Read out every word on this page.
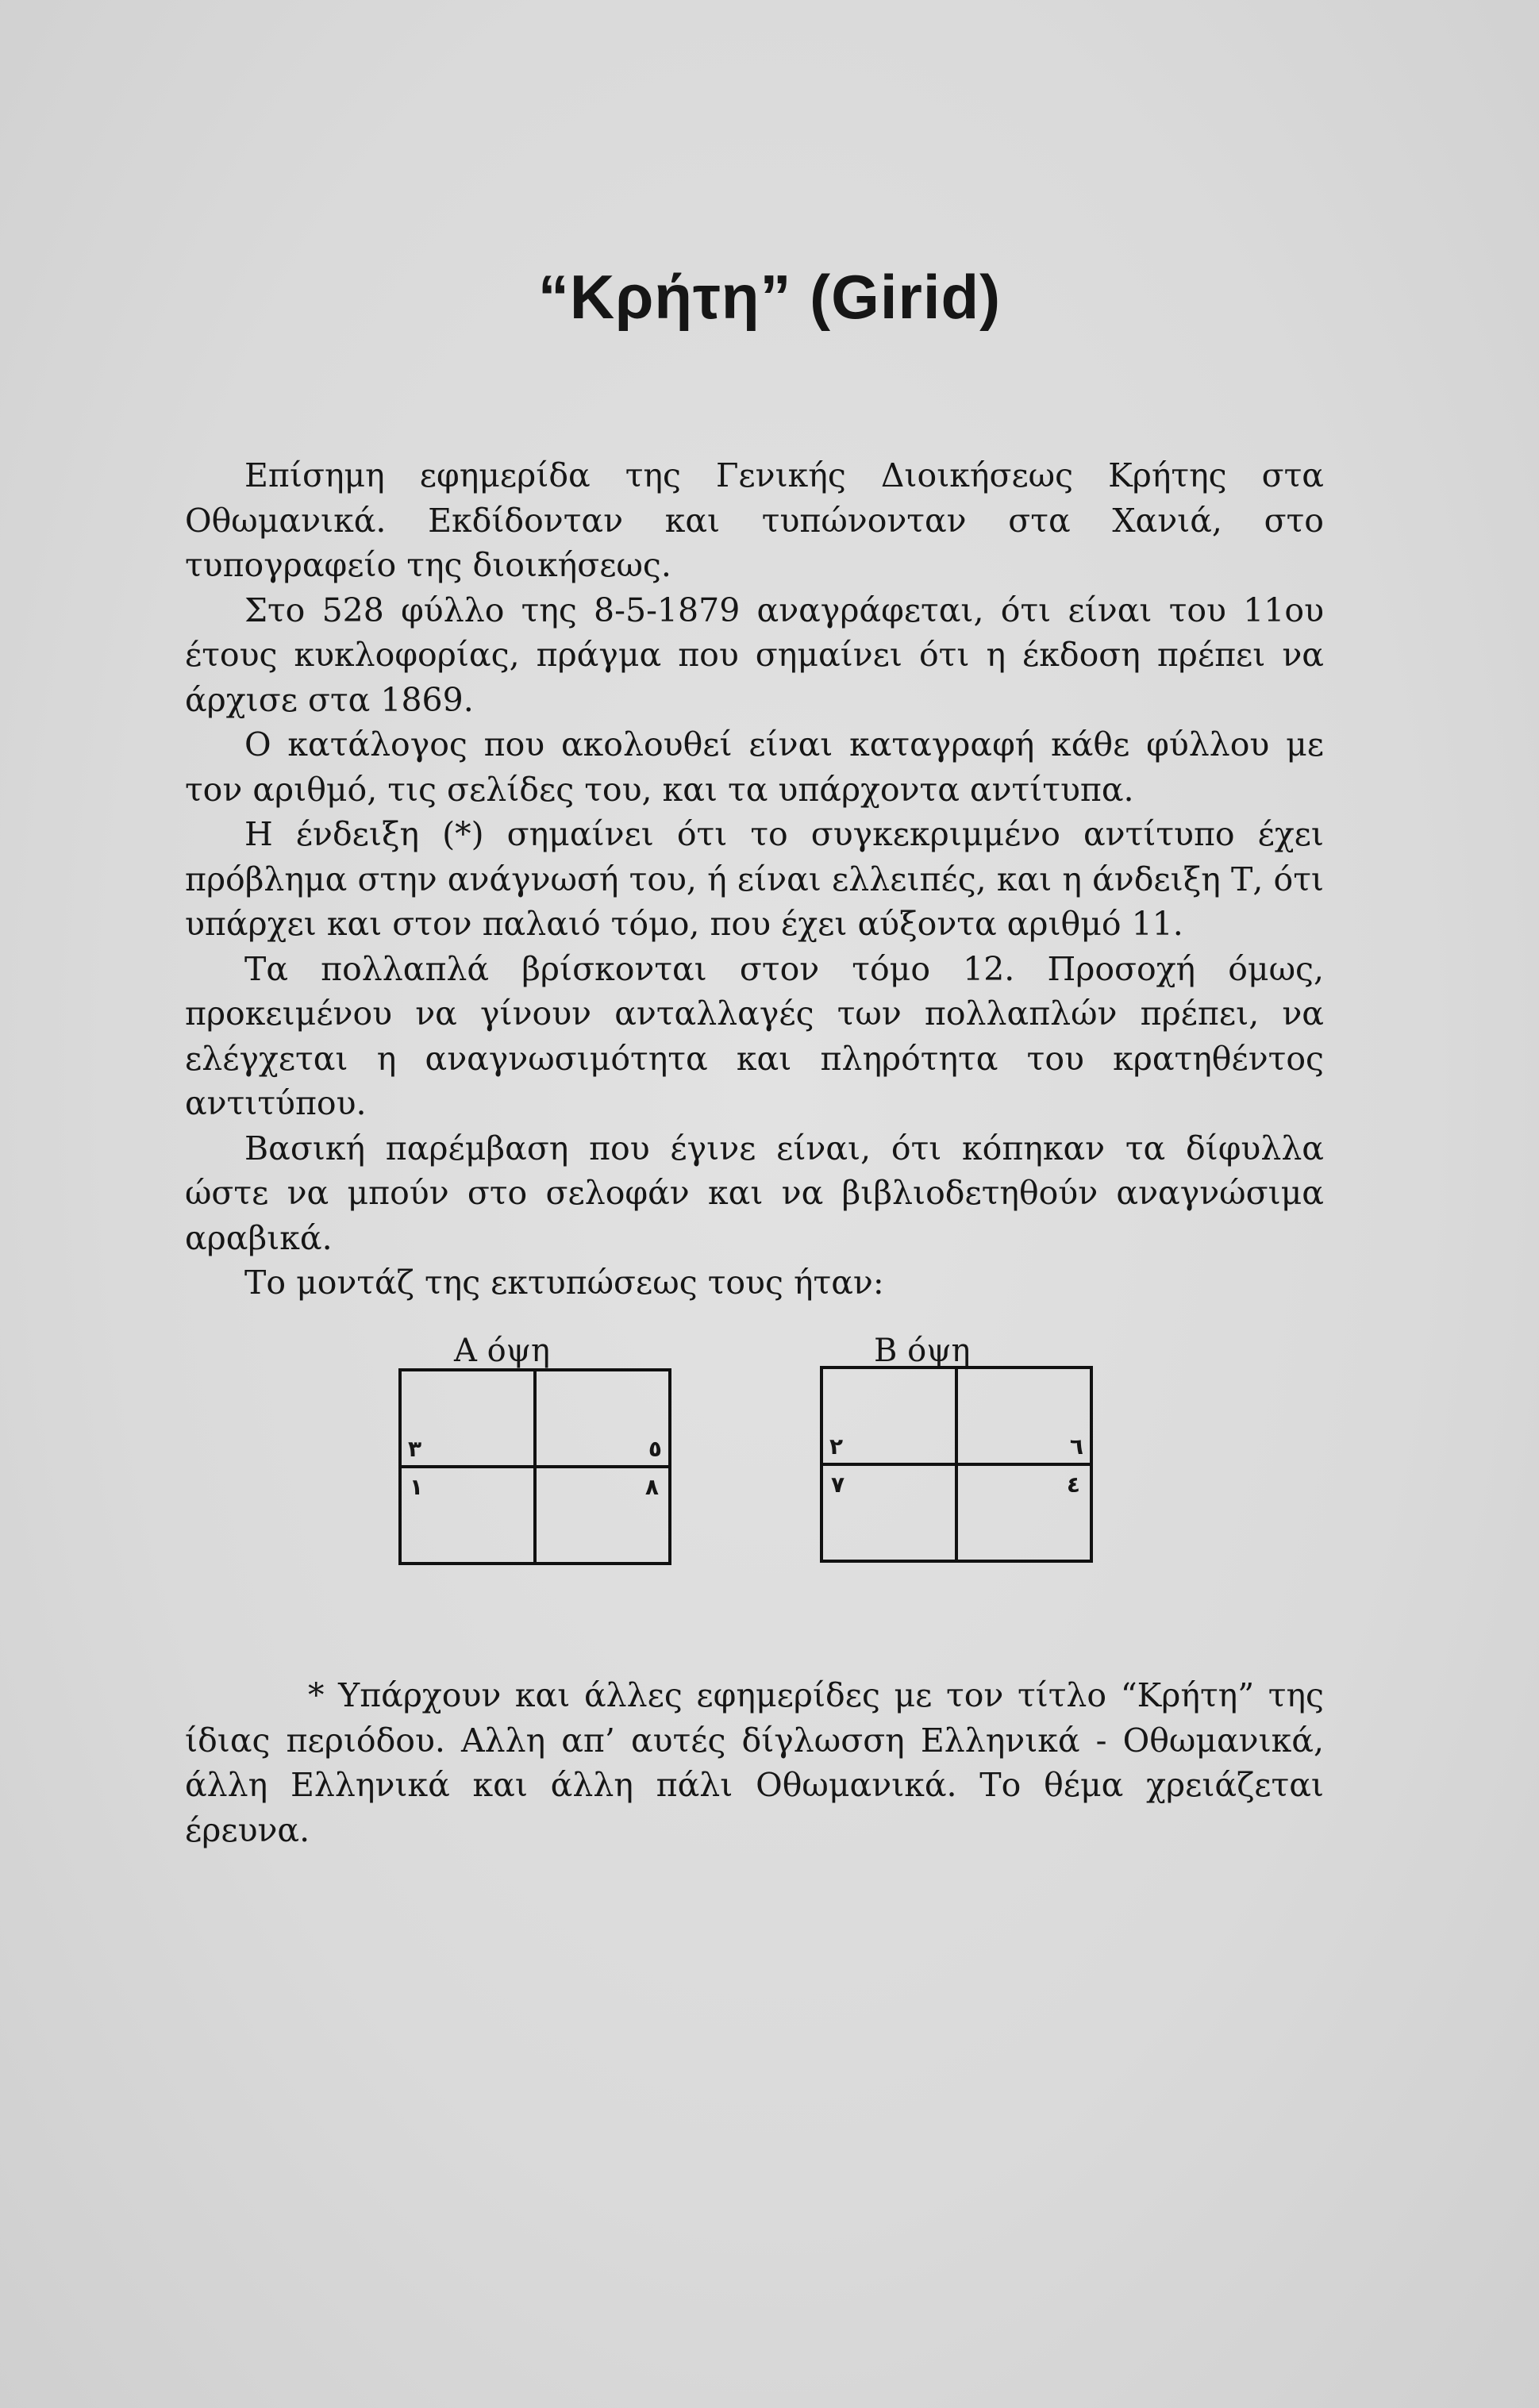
“Κρήτη” (Girid)

Επίσημη εφημερίδα της Γενικής Διοικήσεως Κρήτης στα Οθωμανικά. Εκδίδονταν και τυπώνονταν στα Χανιά, στο τυπογραφείο της διοικήσεως.

Στο 528 φύλλο της 8-5-1879 αναγράφεται, ότι είναι του 11ου έτους κυκλοφορίας, πράγμα που σημαίνει ότι η έκδοση πρέπει να άρχισε στα 1869.

Ο κατάλογος που ακολουθεί είναι καταγραφή κάθε φύλλου με τον αριθμό, τις σελίδες του, και τα υπάρχοντα αντίτυπα.

Η ένδειξη (*) σημαίνει ότι το συγκεκριμμένο αντίτυπο έχει πρόβλημα στην ανάγνωσή του, ή είναι ελλειπές, και η άνδειξη Τ, ότι υπάρχει και στον παλαιό τόμο, που έχει αύξοντα αριθμό 11.

Τα πολλαπλά βρίσκονται στον τόμο 12. Προσοχή όμως, προκειμένου να γίνουν ανταλλαγές των πολλαπλών πρέπει, να ελέγχεται η αναγνωσιμότητα και πληρότητα του κρατηθέντος αντιτύπου.

Βασική παρέμβαση που έγινε είναι, ότι κόπηκαν τα δίφυλλα ώστε να μπούν στο σελοφάν και να βιβλιοδετηθούν αναγνώσιμα αραβικά.

Το μοντάζ της εκτυπώσεως τους ήταν:

Α όψη
٣	٥
١	٨
Β όψη
٢	٦
٧	٤

* Υπάρχουν και άλλες εφημερίδες με τον τίτλο “Κρήτη” της ίδιας περιόδου. Αλλη απ’ αυτές δίγλωσση Ελληνικά - Οθωμανικά, άλλη Ελληνικά και άλλη πάλι Οθωμανικά. Το θέμα χρειάζεται έρευνα.
